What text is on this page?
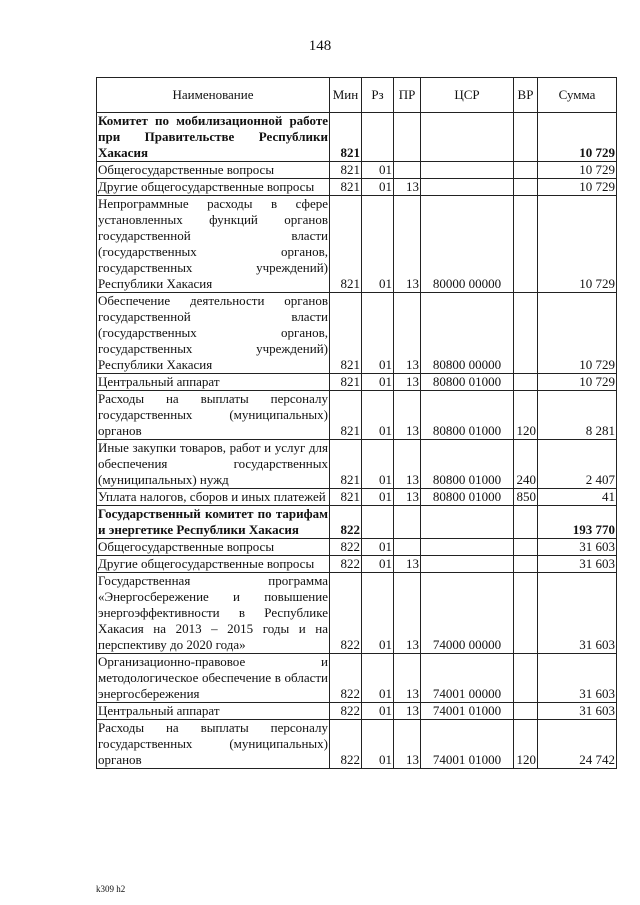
148
Наименование	Мин	Рз	ПР	ЦСР	ВР	Сумма
Комитет по мобилизационной работе при Правительстве Республики Хакасия	821					10 729
Общегосударственные вопросы	821	01				10 729
Другие общегосударственные вопросы	821	01	13			10 729
Непрограммные расходы в сфере установленных функций органов государственной власти (государственных органов, государственных учреждений) Республики Хакасия	821	01	13	80000 00000		10 729
Обеспечение деятельности органов государственной власти (государственных органов, государственных учреждений) Республики Хакасия	821	01	13	80800 00000		10 729
Центральный аппарат	821	01	13	80800 01000		10 729
Расходы на выплаты персоналу государственных (муниципальных) органов	821	01	13	80800 01000	120	8 281
Иные закупки товаров, работ и услуг для обеспечения государственных (муниципальных) нужд	821	01	13	80800 01000	240	2 407
Уплата налогов, сборов и иных платежей	821	01	13	80800 01000	850	41
Государственный комитет по тарифам и энергетике Республики Хакасия	822					193 770
Общегосударственные вопросы	822	01				31 603
Другие общегосударственные вопросы	822	01	13			31 603
Государственная программа «Энергосбережение и повышение энергоэффективности в Республике Хакасия на 2013 – 2015 годы и на перспективу до 2020 года»	822	01	13	74000 00000		31 603
Организационно-правовое и методологическое обеспечение в области энергосбережения	822	01	13	74001 00000		31 603
Центральный аппарат	822	01	13	74001 01000		31 603
Расходы на выплаты персоналу государственных (муниципальных) органов	822	01	13	74001 01000	120	24 742
k309 h2
